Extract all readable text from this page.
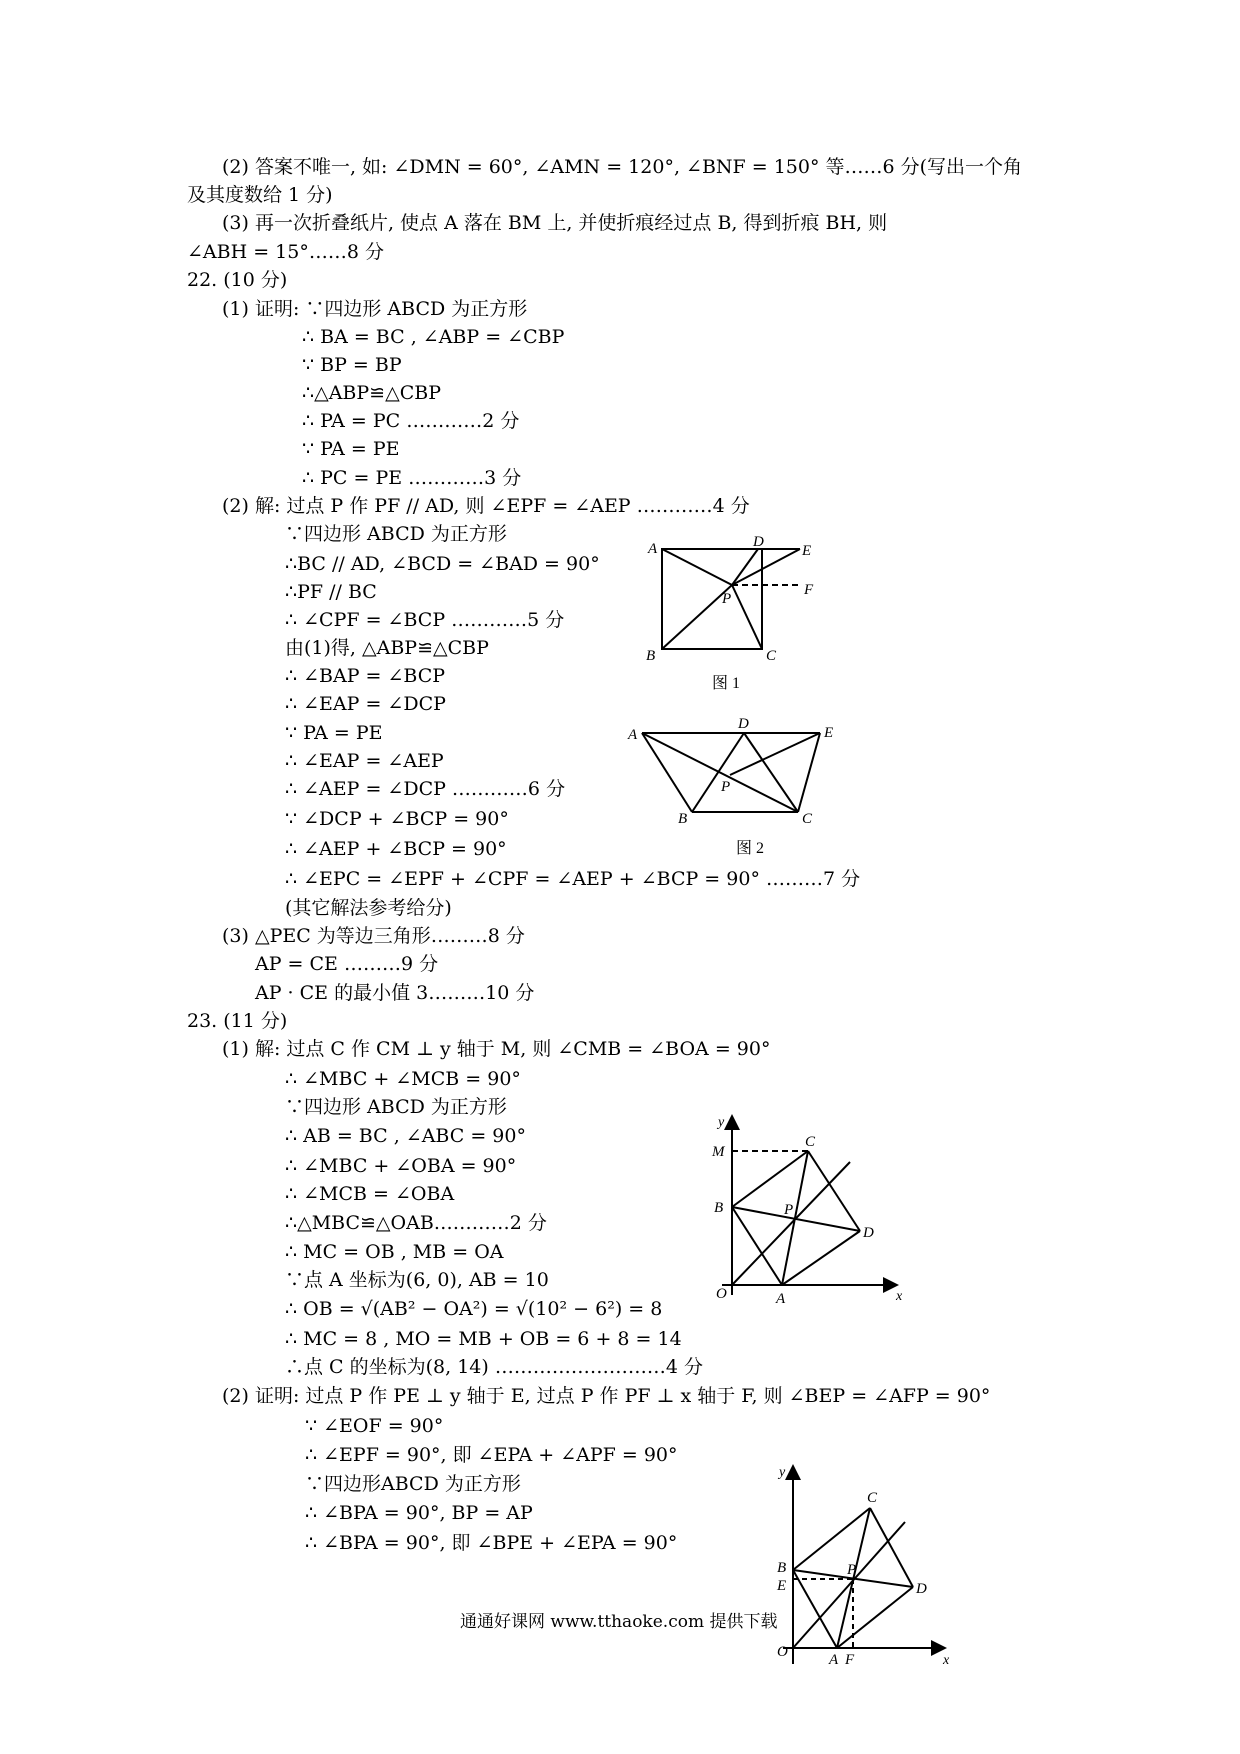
(2) 答案不唯一, 如: ∠DMN = 60°, ∠AMN = 120°, ∠BNF = 150° 等……6 分(写出一个角
及其度数给 1 分)
(3) 再一次折叠纸片, 使点 A 落在 BM 上, 并使折痕经过点 B, 得到折痕 BH, 则
∠ABH = 15°……8 分
22. (10 分)
(1) 证明: ∵四边形 ABCD 为正方形
∴ BA = BC , ∠ABP = ∠CBP
∵ BP = BP
∴△ABP≌△CBP
∴ PA = PC …………2 分
∵ PA = PE
∴ PC = PE …………3 分
(2) 解: 过点 P 作 PF // AD, 则 ∠EPF = ∠AEP …………4 分
∵四边形 ABCD 为正方形
∴BC // AD, ∠BCD = ∠BAD = 90°
∴PF // BC
∴ ∠CPF = ∠BCP …………5 分
由(1)得, △ABP≌△CBP
∴ ∠BAP = ∠BCP
∴ ∠EAP = ∠DCP
∵ PA = PE
∴ ∠EAP = ∠AEP
∴ ∠AEP = ∠DCP …………6 分
∵ ∠DCP + ∠BCP = 90°
∴ ∠AEP + ∠BCP = 90°
∴ ∠EPC = ∠EPF + ∠CPF = ∠AEP + ∠BCP = 90° ………7 分
(其它解法参考给分)
(3) △PEC 为等边三角形………8 分
AP = CE ………9 分
AP · CE 的最小值 3………10 分
23. (11 分)
(1) 解: 过点 C 作 CM ⊥ y 轴于 M, 则 ∠CMB = ∠BOA = 90°
∴ ∠MBC + ∠MCB = 90°
∵四边形 ABCD 为正方形
∴ AB = BC , ∠ABC = 90°
∴ ∠MBC + ∠OBA = 90°
∴ ∠MCB = ∠OBA
∴△MBC≌△OAB…………2 分
∴ MC = OB , MB = OA
∵点 A 坐标为(6, 0), AB = 10
∴ OB = √(AB² − OA²) = √(10² − 6²) = 8
∴ MC = 8 , MO = MB + OB = 6 + 8 = 14
∴点 C 的坐标为(8, 14) ………………………4 分
(2) 证明: 过点 P 作 PE ⊥ y 轴于 E, 过点 P 作 PF ⊥ x 轴于 F, 则 ∠BEP = ∠AFP = 90°
∵ ∠EOF = 90°
∴ ∠EPF = 90°, 即 ∠EPA + ∠APF = 90°
∵四边形ABCD 为正方形
∴ ∠BPA = 90°, BP = AP
∴ ∠BPA = 90°, 即 ∠BPE + ∠EPA = 90°
A	D
E
F
P
B	C
图 1
A
D
E
P
B	C
图 2
y
M
C
B	P
D
O	A	x
y
C
B
E
P
D
O	A F	x
通通好课网 www.tthaoke.com 提供下载
